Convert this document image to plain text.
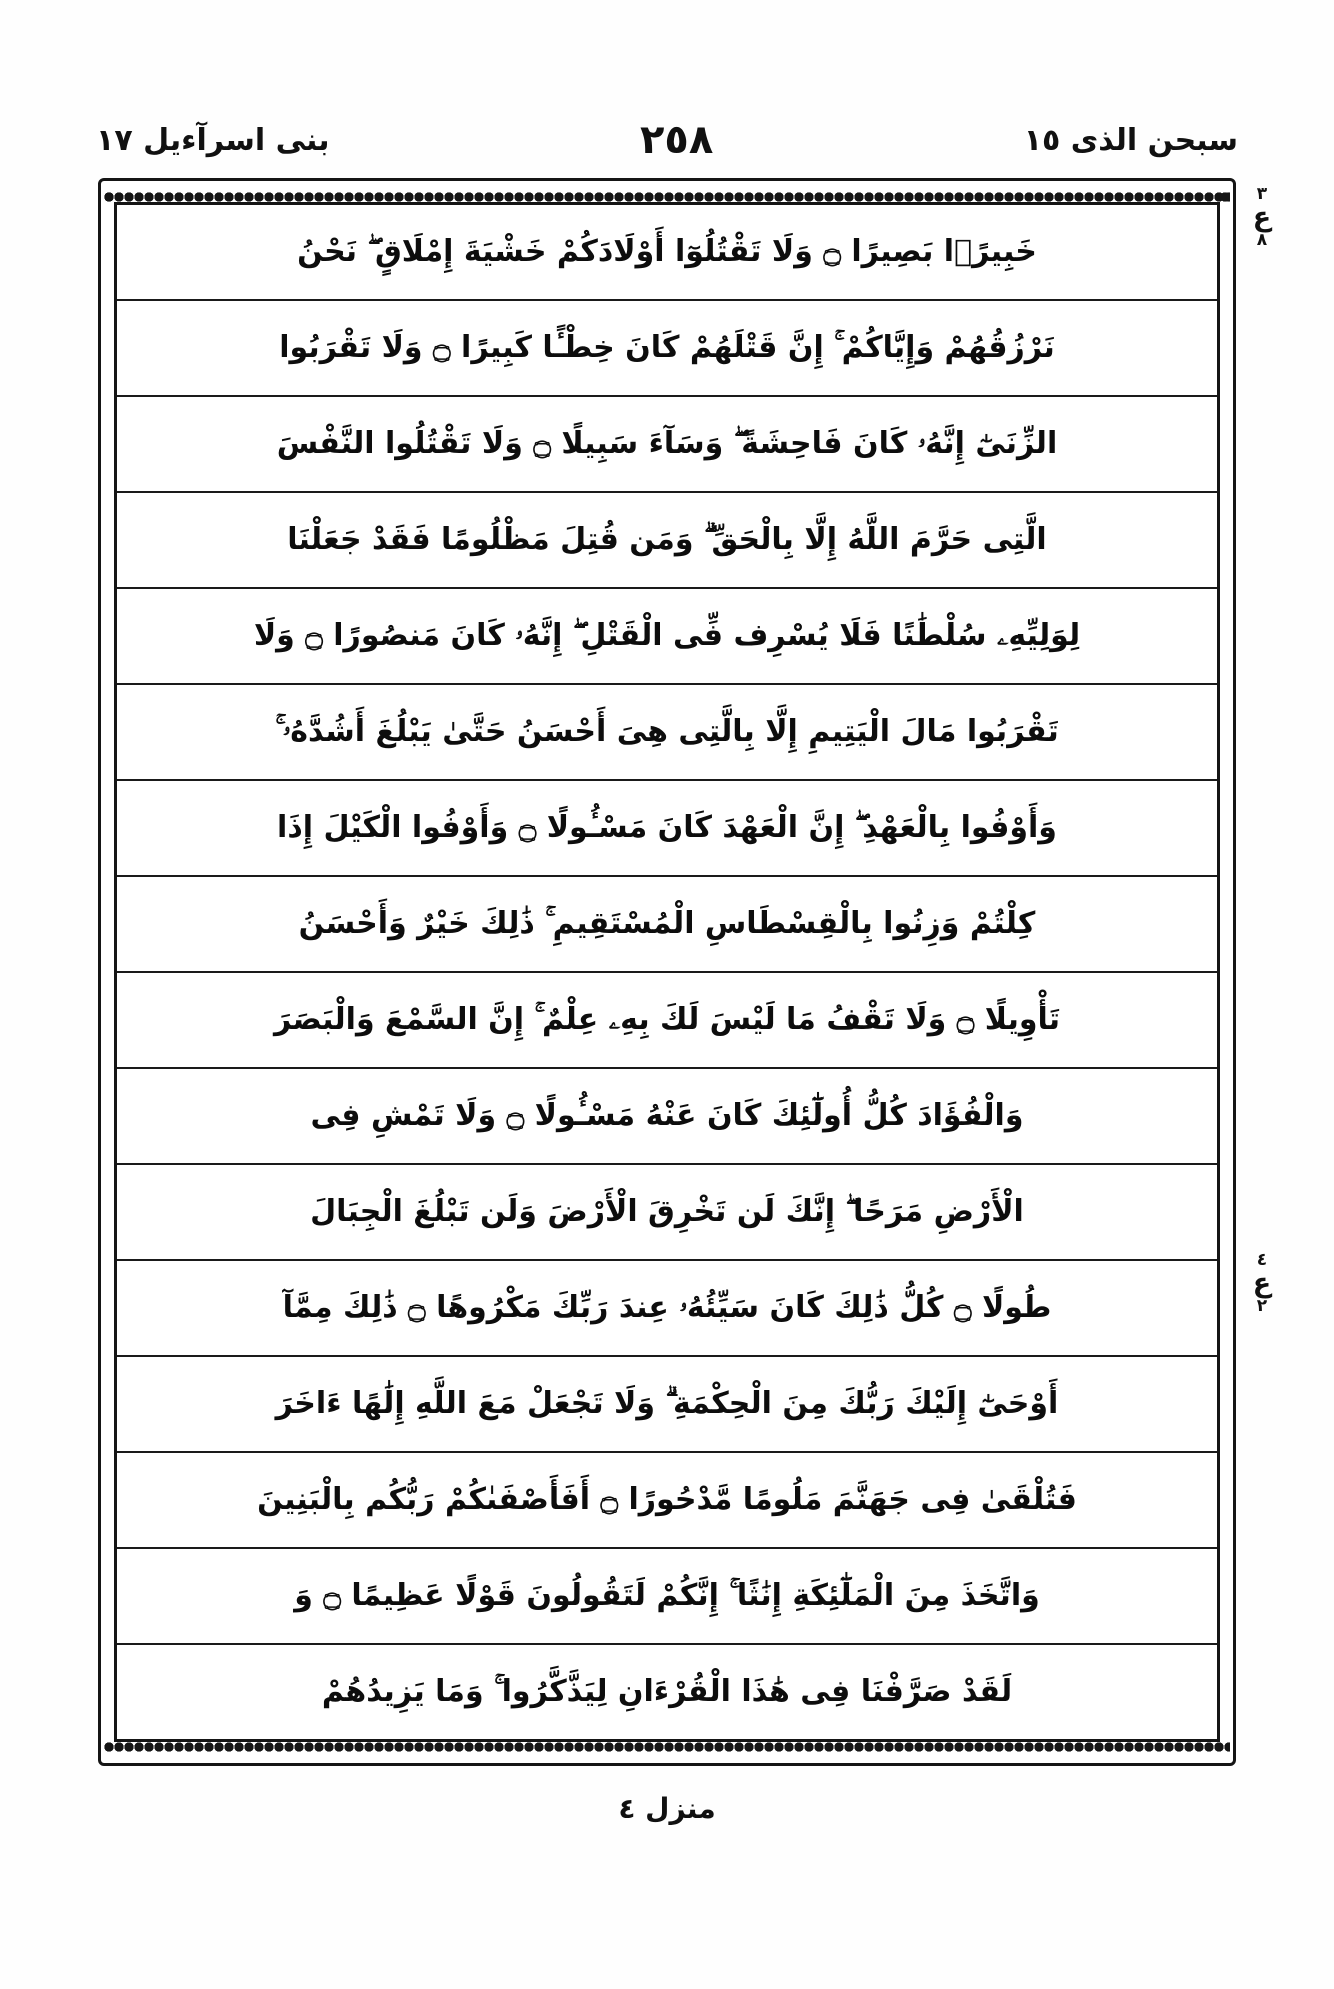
سبحن الذى ١٥
٢٥٨
بنى اسرآءيل ١٧
خَبِيرًۢا بَصِيرًا ۝ وَلَا تَقْتُلُوٓا أَوْلَادَكُمْ خَشْيَةَ إِمْلَاقٍ ۖ نَحْنُ
نَرْزُقُهُمْ وَإِيَّاكُمْ ۚ إِنَّ قَتْلَهُمْ كَانَ خِطْـًٔا كَبِيرًا ۝ وَلَا تَقْرَبُوا
الزِّنَىٰٓ إِنَّهُۥ كَانَ فَاحِشَةً ۖ وَسَآءَ سَبِيلًا ۝ وَلَا تَقْتُلُوا النَّفْسَ
الَّتِى حَرَّمَ اللَّهُ إِلَّا بِالْحَقِّ ۗ وَمَن قُتِلَ مَظْلُومًا فَقَدْ جَعَلْنَا
لِوَلِيِّهِۦ سُلْطَٰنًا فَلَا يُسْرِف فِّى الْقَتْلِ ۖ إِنَّهُۥ كَانَ مَنصُورًا ۝ وَلَا
تَقْرَبُوا مَالَ الْيَتِيمِ إِلَّا بِالَّتِى هِىَ أَحْسَنُ حَتَّىٰ يَبْلُغَ أَشُدَّهُۥ ۚ
وَأَوْفُوا بِالْعَهْدِ ۖ إِنَّ الْعَهْدَ كَانَ مَسْـُٔولًا ۝ وَأَوْفُوا الْكَيْلَ إِذَا
كِلْتُمْ وَزِنُوا بِالْقِسْطَاسِ الْمُسْتَقِيمِ ۚ ذَٰلِكَ خَيْرٌ وَأَحْسَنُ
تَأْوِيلًا ۝ وَلَا تَقْفُ مَا لَيْسَ لَكَ بِهِۦ عِلْمٌ ۚ إِنَّ السَّمْعَ وَالْبَصَرَ
وَالْفُؤَادَ كُلُّ أُولَٰٓئِكَ كَانَ عَنْهُ مَسْـُٔولًا ۝ وَلَا تَمْشِ فِى
الْأَرْضِ مَرَحًا ۖ إِنَّكَ لَن تَخْرِقَ الْأَرْضَ وَلَن تَبْلُغَ الْجِبَالَ
طُولًا ۝ كُلُّ ذَٰلِكَ كَانَ سَيِّئُهُۥ عِندَ رَبِّكَ مَكْرُوهًا ۝ ذَٰلِكَ مِمَّآ
أَوْحَىٰٓ إِلَيْكَ رَبُّكَ مِنَ الْحِكْمَةِ ۗ وَلَا تَجْعَلْ مَعَ اللَّهِ إِلَٰهًا ءَاخَرَ
فَتُلْقَىٰ فِى جَهَنَّمَ مَلُومًا مَّدْحُورًا ۝ أَفَأَصْفَىٰكُمْ رَبُّكُم بِالْبَنِينَ
وَاتَّخَذَ مِنَ الْمَلَٰٓئِكَةِ إِنَٰثًا ۚ إِنَّكُمْ لَتَقُولُونَ قَوْلًا عَظِيمًا ۝ وَ
لَقَدْ صَرَّفْنَا فِى هَٰذَا الْقُرْءَانِ لِيَذَّكَّرُوا ۚ وَمَا يَزِيدُهُمْ
٣
ع
٨
٤
ع
٢
منزل ٤
